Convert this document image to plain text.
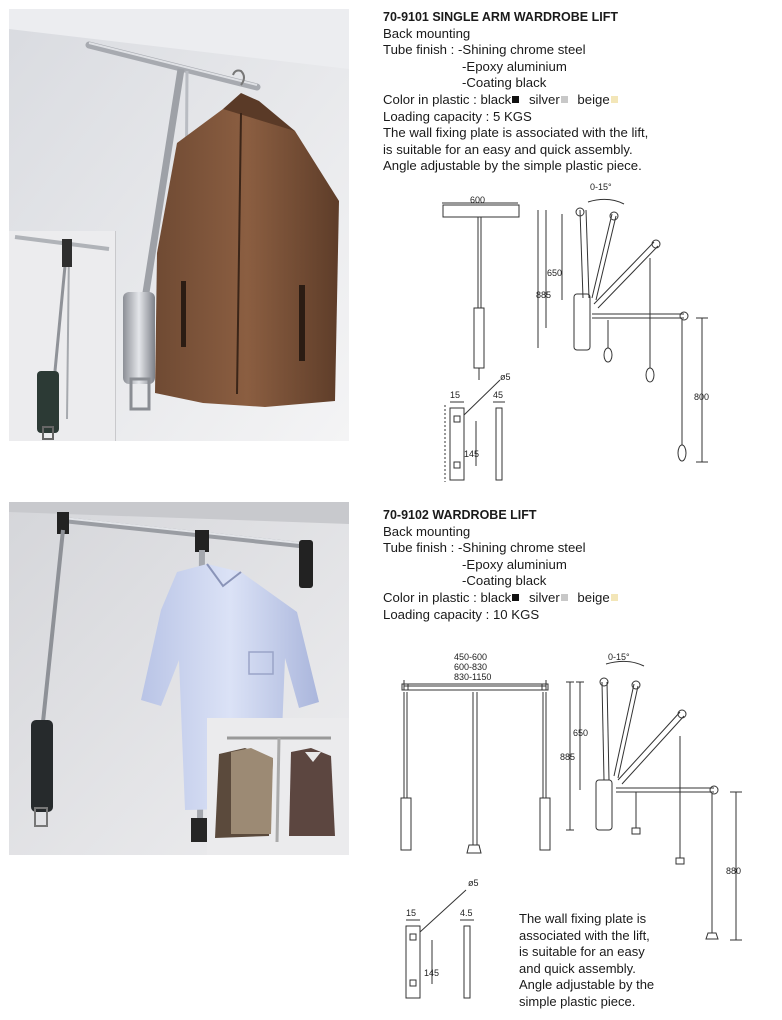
70-9101 SINGLE ARM WARDROBE LIFT
Back mounting
Tube finish : -Shining chrome steel
-Epoxy aluminium
-Coating black
Color in plastic : black silver beige
Loading capacity : 5 KGS
The wall fixing plate is associated with the lift,
is suitable for an easy and quick assembly.
Angle adjustable by the simple plastic piece.
600
0-15°
650
885
800
ø5
15	45
145
70-9102 WARDROBE LIFT
Back mounting
Tube finish : -Shining chrome steel
-Epoxy aluminium
-Coating black
Color in plastic : black silver beige
Loading capacity : 10 KGS
450-600
600-830
830-1150
0-15°
650
885
880
ø5
15	4.5
145
The wall fixing plate is
associated with the lift,
is suitable for an easy
and quick assembly.
Angle adjustable by the
simple plastic piece.
